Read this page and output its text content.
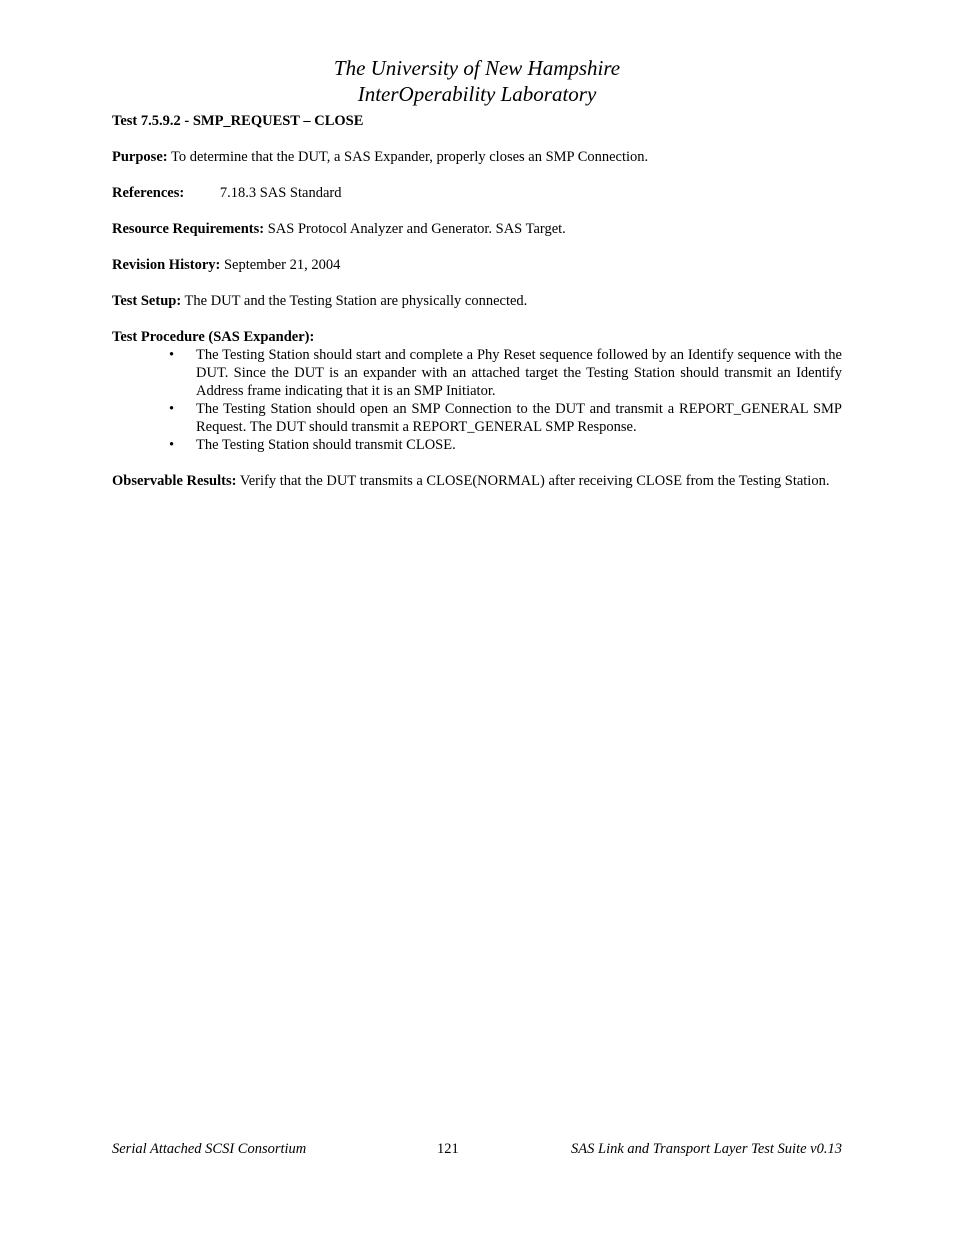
The University of New Hampshire
InterOperability Laboratory

Test 7.5.9.2 - SMP_REQUEST – CLOSE

Purpose: To determine that the DUT, a SAS Expander, properly closes an SMP Connection.

References: 7.18.3 SAS Standard

Resource Requirements: SAS Protocol Analyzer and Generator. SAS Target.

Revision History: September 21, 2004

Test Setup: The DUT and the Testing Station are physically connected.

Test Procedure (SAS Expander):

• The Testing Station should start and complete a Phy Reset sequence followed by an Identify sequence with the DUT. Since the DUT is an expander with an attached target the Testing Station should transmit an Identify Address frame indicating that it is an SMP Initiator.
• The Testing Station should open an SMP Connection to the DUT and transmit a REPORT_GENERAL SMP Request. The DUT should transmit a REPORT_GENERAL SMP Response.
• The Testing Station should transmit CLOSE.

Observable Results: Verify that the DUT transmits a CLOSE(NORMAL) after receiving CLOSE from the Testing Station.

Serial Attached SCSI Consortium	121	SAS Link and Transport Layer Test Suite v0.13
